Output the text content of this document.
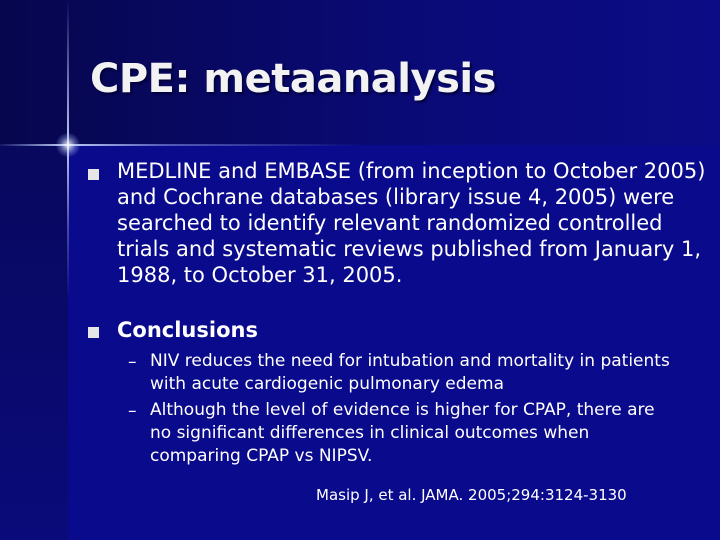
CPE: metaanalysis
MEDLINE and EMBASE (from inception to October 2005) and Cochrane databases (library issue 4, 2005) were searched to identify relevant randomized controlled trials and systematic reviews published from January 1, 1988, to October 31, 2005.
Conclusions
– NIV reduces the need for intubation and mortality in patients with acute cardiogenic pulmonary edema
– Although the level of evidence is higher for CPAP, there are no significant differences in clinical outcomes when comparing CPAP vs NIPSV.
Masip J, et al. JAMA. 2005;294:3124-3130
